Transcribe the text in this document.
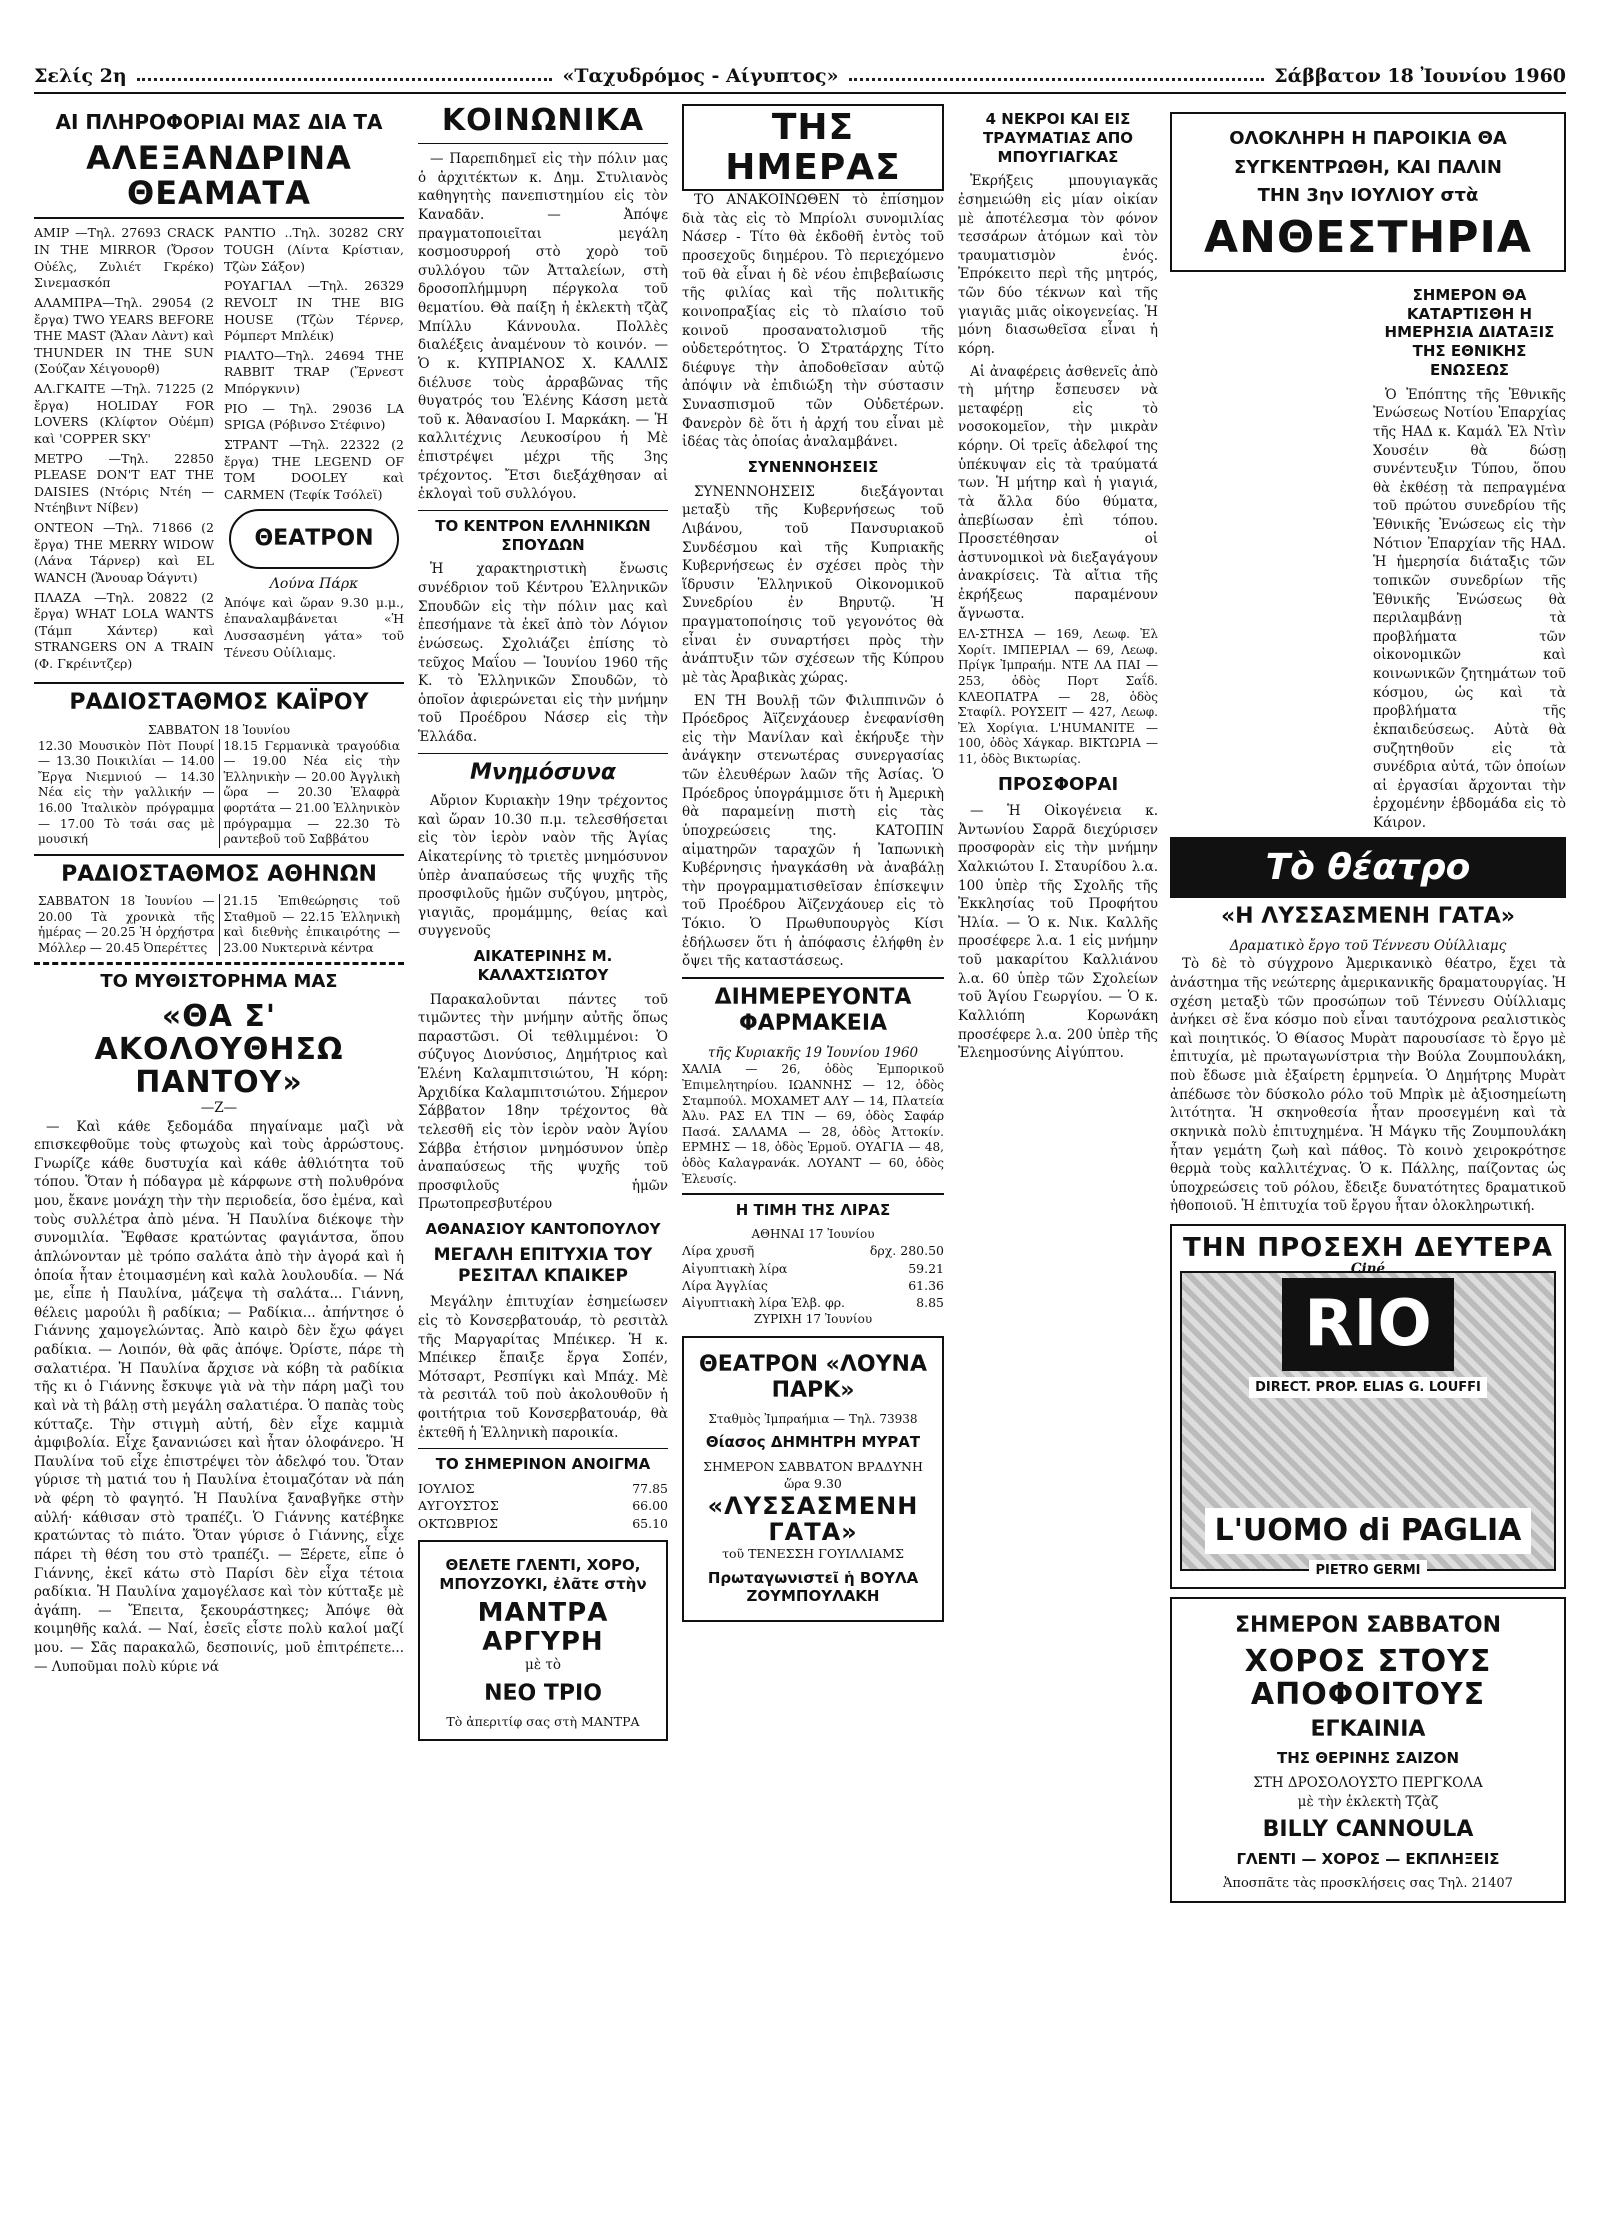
Σελίς 2η	«Ταχυδρόμος - Αίγυπτος»	Σάββατον 18 Ἰουνίου 1960
ΑΙ ΠΛΗΡΟΦΟΡΙΑΙ ΜΑΣ ΔΙΑ ΤΑ
ΑΛΕΞΑΝΔΡΙΝΑ ΘΕΑΜΑΤΑ
ΑΜΙΡ —Τηλ. 27693 CRACK IN THE MIRROR (Ὄρσον Οὐέλς, Ζυλιέτ Γκρέκο) Σινεμασκόπ
ΑΛΑΜΠΡΑ—Τηλ. 29054 (2 ἔργα) TWO YEARS BEFORE THE MAST (Ἄλαν Λὰντ) καὶ THUNDER IN THE SUN (Σούζαν Χέιγουορθ)
ΑΛ.ΓΚΑΙΤΕ —Τηλ. 71225 (2 ἔργα) HOLIDAY FOR LOVERS (Κλίφτον Οὐέμπ) καὶ 'COPPER SKY'
ΜΕΤΡΟ —Τηλ. 22850 PLEASE DON'T EAT THE DAISIES (Ντόρις Ντέη — Ντέηβιντ Νίβεν)
ΟΝΤΕΟΝ —Τηλ. 71866 (2 ἔργα) THE MERRY WIDOW (Λάνα Τάρνερ) καὶ EL WANCH (Ἄνουαρ Ὀάγντι)
ΠΛΑΖΑ —Τηλ. 20822 (2 ἔργα) WHAT LOLA WANTS (Τάμπ Χάντερ) καὶ STRANGERS ON A TRAIN (Φ. Γκρέιντζερ)
ΡΑΝΤΙΟ ..Τηλ. 30282 CRY TOUGH (Λίντα Κρίστιαν, Τζὼν Σάξον)
ΡΟΥΑΓΙΑΛ —Τηλ. 26329 REVOLT IN THE BIG HOUSE (Τζὼν Τέρνερ, Ρόμπερτ Μπλέικ)
ΡΙΑΛΤΟ—Τηλ. 24694 THE RABBIT TRAP (Ἔρνεστ Μπόργκνιν)
ΡΙΟ — Τηλ. 29036 LA SPIGA (Ρόβινσο Στέφινο)
ΣΤΡΑΝΤ —Τηλ. 22322 (2 ἔργα) THE LEGEND OF TOM DOOLEY καὶ CARMEN (Τεφίκ Τσόλεϊ)
ΘΕΑΤΡΟΝ
Λούνα Πάρκ
Ἀπόψε καὶ ὥραν 9.30 μ.μ., ἐπαναλαμβάνεται «Ἡ Λυσσασμένη γάτα» τοῦ Τένεσυ Οὐίλιαμς.
ΡΑΔΙΟΣΤΑΘΜΟΣ ΚΑΪΡΟΥ
ΣΑΒΒΑΤΟΝ 18 Ἰουνίου
12.30 Μουσικὸν Πὸτ Πουρί — 13.30 Ποικιλίαι — 14.00 Ἔργα Νιεμνιού — 14.30 Νέα εἰς τὴν γαλλικήν — 16.00 Ἰταλικὸν πρόγραμμα — 17.00 Τὸ τσάι σας μὲ μουσική
18.15 Γερμανικὰ τραγούδια — 19.00 Νέα εἰς τὴν Ἑλληνικὴν — 20.00 Ἀγγλικὴ ὥρα — 20.30 Ἑλαφρὰ φορτάτα — 21.00 Ἑλληνικὸν πρόγραμμα — 22.30 Τὸ ραντεβοῦ τοῦ Σαββάτου
ΡΑΔΙΟΣΤΑΘΜΟΣ ΑΘΗΝΩΝ
ΣΑΒΒΑΤΟΝ 18 Ἰουνίου — 20.00 Τὰ χρονικὰ τῆς ἡμέρας — 20.25 Ἡ ὀρχήστρα Μόλλερ — 20.45 Ὀπερέττες
21.15 Ἐπιθεώρησις τοῦ Σταθμοῦ — 22.15 Ἑλληνικὴ καὶ διεθνὴς ἐπικαιρότης — 23.00 Νυκτερινὰ κέντρα
ΤΟ ΜΥΘΙΣΤΟΡΗΜΑ ΜΑΣ
«ΘΑ Σ' ΑΚΟΛΟΥΘΗΣΩ ΠΑΝΤΟΥ»
—Ζ—

— Καὶ κάθε ξεδομάδα πηγαίναμε μαζὶ νὰ επισκεφθοῦμε τοὺς φτωχοὺς καὶ τοὺς ἀρρώστους. Γνωρίζε κάθε δυστυχία καὶ κάθε ἀθλιότητα τοῦ τόπου. Ὅταν ἡ πόδαγρα μὲ κάρφωνε στὴ πολυθρόνα μου, ἔκανε μονάχη τὴν τὴν περιοδεία, ὅσο ἐμένα, καὶ τοὺς συλλέτρα ἀπὸ μένα. Ἡ Παυλίνα διέκοψε τὴν συνομιλία. Ἔφθασε κρατώντας φαγιάντσα, ὅπου ἁπλώνονταν μὲ τρόπο σαλάτα ἀπὸ τὴν ἀγορά καὶ ἡ ὁποία ἦταν ἐτοιμασμένη καὶ καλὰ λουλουδία. — Νά με, εἶπε ἡ Παυλίνα, μάζεψα τὴ σαλάτα... Γιάννη, θέλεις μαρούλι ἢ ραδίκια; — Ραδίκια... ἀπήντησε ὁ Γιάννης χαμογελώντας. Ἀπὸ καιρὸ δὲν ἔχω φάγει ραδίκια. — Λοιπόν, θὰ φᾶς ἀπόψε. Ὀρίστε, πάρε τὴ σαλατιέρα. Ἡ Παυλίνα ἄρχισε νὰ κόβη τὰ ραδίκια τῆς κι ὁ Γιάννης ἔσκυψε γιὰ νὰ τὴν πάρη μαζὶ του καὶ νὰ τὴ βάλῃ στὴ μεγάλη σαλατιέρα. Ὁ παπὰς τοὺς κύτταζε. Τὴν στιγμὴ αὐτή, δὲν εἶχε καμμιὰ ἀμφιβολία. Εἶχε ξανανιώσει καὶ ἦταν ὁλοφάνερο. Ἡ Παυλίνα τοῦ εἶχε ἐπιστρέψει τὸν ἀδελφό του. Ὅταν γύρισε τὴ ματιά του ἡ Παυλίνα ἐτοιμαζόταν νὰ πάη νὰ φέρη τὸ φαγητό. Ἡ Παυλίνα ξαναβγῆκε στὴν αὐλή· κάθισαν στὸ τραπέζι. Ὁ Γιάννης κατέβηκε κρατώντας τὸ πιάτο. Ὅταν γύρισε ὁ Γιάννης, εἶχε πάρει τὴ θέση του στὸ τραπέζι. — Ξέρετε, εἶπε ὁ Γιάννης, ἐκεῖ κάτω στὸ Παρίσι δὲν εἶχα τέτοια ραδίκια. Ἡ Παυλίνα χαμογέλασε καὶ τὸν κύτταξε μὲ ἀγάπη. — Ἔπειτα, ξεκουράστηκες; Ἀπόψε θὰ κοιμηθῆς καλά. — Ναί, ἐσεῖς εἶστε πολὺ καλοί μαζί μου. — Σᾶς παρακαλῶ, δεσποινίς, μοῦ ἐπιτρέπετε... — Λυποῦμαι πολὺ κύριε νά

ΚΟΙΝΩΝΙΚΑ

— Παρεπιδημεῖ εἰς τὴν πόλιν μας ὁ ἀρχιτέκτων κ. Δημ. Στυλιανὸς καθηγητὴς πανεπιστημίου εἰς τὸν Καναδᾶν. — Ἀπόψε πραγματοποιεῖται μεγάλη κοσμοσυρροή στὸ χορὸ τοῦ συλλόγου τῶν Ἀτταλείων, στὴ δροσοπλήμμυρη πέργκολα τοῦ θεματίου. Θὰ παίξη ἡ ἐκλεκτὴ τζὰζ Μπίλλυ Κάννουλα. Πολλὲς διαλέξεις ἀναμένουν τὸ κοινόν. — Ὁ κ. ΚΥΠΡΙΑΝΟΣ Χ. ΚΑΛΛΙΣ διέλυσε τοὺς ἀρραβῶνας τῆς θυγατρός του Ἑλένης Κάσση μετὰ τοῦ κ. Ἀθανασίου Ι. Μαρκάκη. — Ἡ καλλιτέχνις Λευκοσίρου ἡ Μὲ ἐπιστρέψει μέχρι τῆς 3ης τρέχοντος. Ἔτσι διεξάχθησαν αἱ ἐκλογαὶ τοῦ συλλόγου.

ΤΟ ΚΕΝΤΡΟΝ ΕΛΛΗΝΙΚΩΝ ΣΠΟΥΔΩΝ

Ἡ χαρακτηριστικὴ ἔνωσις συνέδριον τοῦ Κέντρου Ἑλληνικῶν Σπουδῶν εἰς τὴν πόλιν μας καὶ ἐπεσήμανε τὰ ἐκεῖ ἀπὸ τὸν Λόγιον ἐνώσεως. Σχολιάζει ἐπίσης τὸ τεῦχος Μαΐου — Ἰουνίου 1960 τῆς Κ. τὸ Ἑλληνικῶν Σπουδῶν, τὸ ὁποῖον ἀφιερώνεται εἰς τὴν μνήμην τοῦ Προέδρου Νάσερ εἰς τὴν Ἑλλάδα.

Μνημόσυνα

Αὔριον Κυριακὴν 19ην τρέχοντος καὶ ὥραν 10.30 π.μ. τελεσθήσεται εἰς τὸν ἱερὸν ναὸν τῆς Ἁγίας Αἰκατερίνης τὸ τριετὲς μνημόσυνον ὑπὲρ ἀναπαύσεως τῆς ψυχῆς τῆς προσφιλοῦς ἡμῶν συζύγου, μητρὸς, γιαγιᾶς, προμάμμης, θείας καὶ συγγενοῦς

ΑΙΚΑΤΕΡΙΝΗΣ Μ. ΚΑΛΑΧΤΣΙΩΤΟΥ

Παρακαλοῦνται πάντες τοῦ τιμῶντες τὴν μνήμην αὐτῆς ὅπως παραστῶσι. Οἱ τεθλιμμένοι: Ὁ σύζυγος Διονύσιος, Δημήτριος καὶ Ἑλένη Καλαμπιτσιώτου, Ἡ κόρη: Ἀρχιδίκα Καλαμπιτσιώτου. Σήμερον Σάββατον 18ην τρέχοντος θὰ τελεσθῆ εἰς τὸν ἱερὸν ναὸν Ἁγίου Σάββα ἐτήσιον μνημόσυνον ὑπὲρ ἀναπαύσεως τῆς ψυχῆς τοῦ προσφιλοῦς ἡμῶν Πρωτοπρεσβυτέρου

ΑΘΑΝΑΣΙΟΥ ΚΑΝΤΟΠΟΥΛΟΥ
ΜΕΓΑΛΗ ΕΠΙΤΥΧΙΑ ΤΟΥ ΡΕΣΙΤΑΛ ΚΠΑΙΚΕΡ

Μεγάλην ἐπιτυχίαν ἐσημείωσεν εἰς τὸ Κονσερβατουάρ, τὸ ρεσιτὰλ τῆς Μαργαρίτας Μπέικερ. Ἡ κ. Μπέικερ ἔπαιξε ἔργα Σοπέν, Μότσαρτ, Ρεσπίγκι καὶ Μπάχ. Μὲ τὰ ρεσιτάλ τοῦ ποὺ ἀκολουθοῦν ἡ φοιτήτρια τοῦ Κονσερβατουάρ, θὰ ἐκτεθῆ ἡ Ἑλληνικὴ παροικία.

ΤΟ ΣΗΜΕΡΙΝΟΝ ΑΝΟΙΓΜΑ
ΙΟΥΛΙΟΣ	77.85
ΑΥΓΟΥΣΤΟΣ	66.00
ΟΚΤΩΒΡΙΟΣ	65.10
ΘΕΛΕΤΕ ΓΛΕΝΤΙ, ΧΟΡΟ, ΜΠΟΥΖΟΥΚΙ, ἐλᾶτε στὴν
ΜΑΝΤΡΑ ΑΡΓΥΡΗ
μὲ τὸ
ΝΕΟ ΤΡΙΟ
Τὸ ἀπεριτίφ σας στὴ ΜΑΝΤΡΑ
ΤΗΣ ΗΜΕΡΑΣ

ΤΟ ΑΝΑΚΟΙΝΩΘΕΝ τὸ ἐπίσημον διὰ τὰς εἰς τὸ Μπρίολι συνομιλίας Νάσερ - Τίτο θὰ ἐκδοθῆ ἐντὸς τοῦ προσεχοῦς διημέρου. Τὸ περιεχόμενο τοῦ θὰ εἶναι ἡ δὲ νέου ἐπιβεβαίωσις τῆς φιλίας καὶ τῆς πολιτικῆς κοινοπραξίας εἰς τὸ πλαίσιο τοῦ κοινοῦ προσανατολισμοῦ τῆς οὐδετερότητος. Ὁ Στρατάρχης Τίτο διέφυγε τὴν ἀποδοθεῖσαν αὐτῷ ἀπόψιν νὰ ἐπιδιώξη τὴν σύστασιν Συνασπισμοῦ τῶν Οὐδετέρων. Φανερὸν δὲ ὅτι ἡ ἀρχή του εἶναι μὲ ἰδέας τὰς ὁποίας ἀναλαμβάνει.

ΣΥΝΕΝΝΟΗΣΕΙΣ

ΣΥΝΕΝΝΟΗΣΕΙΣ διεξάγονται μεταξὺ τῆς Κυβερνήσεως τοῦ Λιβάνου, τοῦ Πανσυριακοῦ Συνδέσμου καὶ τῆς Κυπριακῆς Κυβερνήσεως ἐν σχέσει πρὸς τὴν ἵδρυσιν Ἑλληνικοῦ Οἰκονομικοῦ Συνεδρίου ἐν Βηρυτῷ. Ἡ πραγματοποίησις τοῦ γεγονότος θὰ εἶναι ἐν συναρτήσει πρὸς τὴν ἀνάπτυξιν τῶν σχέσεων τῆς Κύπρου μὲ τὰς Ἀραβικὰς χώρας.

ΕΝ ΤΗ Βουλῇ τῶν Φιλιππινῶν ὁ Πρόεδρος Ἀϊζενχάουερ ἐνεφανίσθη εἰς τὴν Μανίλαν καὶ ἐκήρυξε τὴν ἀνάγκην στενωτέρας συνεργασίας τῶν ἐλευθέρων λαῶν τῆς Ἀσίας. Ὁ Πρόεδρος ὑπογράμμισε ὅτι ἡ Ἀμερικὴ θὰ παραμείνῃ πιστὴ εἰς τὰς ὑποχρεώσεις της. ΚΑΤΟΠΙΝ αἱματηρῶν ταραχῶν ἡ Ἰαπωνικὴ Κυβέρνησις ἠναγκάσθη νὰ ἀναβάλῃ τὴν προγραμματισθεῖσαν ἐπίσκεψιν τοῦ Προέδρου Ἀϊζενχάουερ εἰς τὸ Τόκιο. Ὁ Πρωθυπουργὸς Κίσι ἐδήλωσεν ὅτι ἡ ἀπόφασις ἐλήφθη ἐν ὄψει τῆς καταστάσεως.

ΔΙΗΜΕΡΕΥΟΝΤΑ ΦΑΡΜΑΚΕΙΑ
τῆς Κυριακῆς 19 Ἰουνίου 1960
ΧΑΛΙΑ — 26, ὁδὸς Ἐμπορικοῦ Ἐπιμελητηρίου. ΙΩΑΝΝΗΣ — 12, ὁδὸς Σταμπούλ. ΜΟΧΑΜΕΤ ΑΛΥ — 14, Πλατεία Ἀλυ. ΡΑΣ ΕΛ ΤΙΝ — 69, ὁδὸς Σαφάρ Πασά. ΣΑΛΑΜΑ — 28, ὁδὸς Ἀττοκίν. ΕΡΜΗΣ — 18, ὁδὸς Ἐρμοῦ. ΟΥΑΓΙΑ — 48, ὁδὸς Καλαγρανάκ. ΛΟΥΑΝΤ — 60, ὁδὸς Ἐλευσίς.
Η ΤΙΜΗ ΤΗΣ ΛΙΡΑΣ
ΑΘΗΝΑΙ 17 Ἰουνίου
Λίρα χρυσῆ	δρχ. 280.50
Αἰγυπτιακὴ λίρα	59.21
Λίρα Ἀγγλίας	61.36
Αἰγυπτιακὴ λίρα Ἑλβ. φρ.	8.85
ΖΥΡΙΧΗ 17 Ἰουνίου
ΘΕΑΤΡΟΝ «ΛΟΥΝΑ ΠΑΡΚ»
Σταθμὸς Ἰμπραήμια — Τηλ. 73938
Θίασος ΔΗΜΗΤΡΗ ΜΥΡΑΤ
ΣΗΜΕΡΟΝ ΣΑΒΒΑΤΟΝ ΒΡΑΔΥΝΗ ὥρα 9.30
«ΛΥΣΣΑΣΜΕΝΗ ΓΑΤΑ»
τοῦ ΤΕΝΕΣΣΗ ΓΟΥΙΛΛΙΑΜΣ
Πρωταγωνιστεῖ ἡ ΒΟΥΛΑ ΖΟΥΜΠΟΥΛΑΚΗ
4 ΝΕΚΡΟΙ ΚΑΙ ΕΙΣ ΤΡΑΥΜΑΤΙΑΣ ΑΠΟ ΜΠΟΥΓΙΑΓΚΑΣ

Ἐκρήξεις μπουγιαγκᾶς ἐσημειώθη εἰς μίαν οἰκίαν μὲ ἀποτέλεσμα τὸν φόνον τεσσάρων ἀτόμων καὶ τὸν τραυματισμὸν ἑνός. Ἐπρόκειτο περὶ τῆς μητρός, τῶν δύο τέκνων καὶ τῆς γιαγιᾶς μιᾶς οἰκογενείας. Ἡ μόνη διασωθεῖσα εἶναι ἡ κόρη.

Αἱ ἀναφέρεις ἀσθενεῖς ἀπὸ τὴ μήτηρ ἔσπευσεν νὰ μεταφέρῃ εἰς τὸ νοσοκομεῖον, τὴν μικρὰν κόρην. Οἱ τρεῖς ἀδελφοί της ὑπέκυψαν εἰς τὰ τραύματά των. Ἡ μήτηρ καὶ ἡ γιαγιά, τὰ ἄλλα δύο θύματα, ἀπεβίωσαν ἐπὶ τόπου. Προσετέθησαν οἱ ἀστυνομικοὶ νὰ διεξαγάγουν ἀνακρίσεις. Τὰ αἴτια τῆς ἐκρήξεως παραμένουν ἄγνωστα.

ΕΛ-ΣΤΗΣΑ — 169, Λεωφ. Ἐλ Χορίτ. ΙΜΠΕΡΙΑΛ — 69, Λεωφ. Πρίγκ Ἰμπραήμ. ΝΤΕ ΛΑ ΠΑΙ — 253, ὁδὸς Πορτ Σαΐδ. ΚΛΕΟΠΑΤΡΑ — 28, ὁδὸς Σταφίλ. ΡΟΥΣΕΙΤ — 427, Λεωφ. Ἐλ Χορίγια. L'HUMANITE — 100, ὁδὸς Χάγκαρ. ΒΙΚΤΩΡΙΑ — 11, ὁδὸς Βικτωρίας.
ΠΡΟΣΦΟΡΑΙ

— Ἡ Οἰκογένεια κ. Ἀντωνίου Σαρρᾶ διεχύρισεν προσφορὰν εἰς τὴν μνήμην Χαλκιώτου Ι. Σταυρίδου λ.α. 100 ὑπὲρ τῆς Σχολῆς τῆς Ἐκκλησίας τοῦ Προφήτου Ἠλία. — Ὁ κ. Νικ. Καλλῆς προσέφερε λ.α. 1 εἰς μνήμην τοῦ μακαρίτου Καλλιάνου λ.α. 60 ὑπὲρ τῶν Σχολείων τοῦ Ἁγίου Γεωργίου. — Ὁ κ. Καλλιόπη Κορωνάκη προσέφερε λ.α. 200 ὑπὲρ τῆς Ἐλεημοσύνης Αἰγύπτου.

ΟΛΟΚΛΗΡΗ Η ΠΑΡΟΙΚΙΑ ΘΑ
ΣΥΓΚΕΝΤΡΩΘΗ, ΚΑΙ ΠΑΛΙΝ
ΤΗΝ 3ην ΙΟΥΛΙΟΥ στὰ
ΑΝΘΕΣΤΗΡΙΑ
ΣΗΜΕΡΟΝ ΘΑ ΚΑΤΑΡΤΙΣΘΗ Η ΗΜΕΡΗΣΙΑ ΔΙΑΤΑΞΙΣ ΤΗΣ ΕΘΝΙΚΗΣ ΕΝΩΣΕΩΣ

Ὁ Ἐπόπτης τῆς Ἐθνικῆς Ἐνώσεως Νοτίου Ἐπαρχίας τῆς ΗΑΔ κ. Καμάλ Ἐλ Ντὶν Χουσέιν θὰ δώσῃ συνέντευξιν Τύπου, ὅπου θὰ ἐκθέσῃ τὰ πεπραγμένα τοῦ πρώτου συνεδρίου τῆς Ἐθνικῆς Ἐνώσεως εἰς τὴν Νότιον Ἐπαρχίαν τῆς ΗΑΔ. Ἡ ἡμερησία διάταξις τῶν τοπικῶν συνεδρίων τῆς Ἐθνικῆς Ἐνώσεως θὰ περιλαμβάνῃ τὰ προβλήματα τῶν οἰκονομικῶν καὶ κοινωνικῶν ζητημάτων τοῦ κόσμου, ὡς καὶ τὰ προβλήματα τῆς ἐκπαιδεύσεως. Αὐτὰ θὰ συζητηθοῦν εἰς τὰ συνέδρια αὐτά, τῶν ὁποίων αἱ ἐργασίαι ἄρχονται τὴν ἐρχομένην ἑβδομάδα εἰς τὸ Κάιρον.

Τὸ θέατρο
«Η ΛΥΣΣΑΣΜΕΝΗ ΓΑΤΑ»
Δραματικὸ ἔργο τοῦ Τέννεσυ Οὐίλλιαμς

Τὸ δὲ τὸ σύγχρονο Ἀμερικανικὸ θέατρο, ἔχει τὰ ἀνάστημα τῆς νεώτερης ἀμερικανικῆς δραματουργίας. Ἡ σχέση μεταξὺ τῶν προσώπων τοῦ Τέννεσυ Οὐίλλιαμς ἀνήκει σὲ ἕνα κόσμο ποὺ εἶναι ταυτόχρονα ρεαλιστικὸς καὶ ποιητικός. Ὁ Θίασος Μυρὰτ παρουσίασε τὸ ἔργο μὲ ἐπιτυχία, μὲ πρωταγωνίστρια τὴν Βούλα Ζουμπουλάκη, ποὺ ἔδωσε μιὰ ἐξαίρετη ἑρμηνεία. Ὁ Δημήτρης Μυρὰτ ἀπέδωσε τὸν δύσκολο ρόλο τοῦ Μπρὶκ μὲ ἀξιοσημείωτη λιτότητα. Ἡ σκηνοθεσία ἦταν προσεγμένη καὶ τὰ σκηνικὰ πολὺ ἐπιτυχημένα. Ἡ Μάγκυ τῆς Ζουμπουλάκη ἦταν γεμάτη ζωὴ καὶ πάθος. Τὸ κοινὸ χειροκρότησε θερμὰ τοὺς καλλιτέχνας. Ὁ κ. Πάλλης, παίζοντας ὡς ὑποχρεώσεις τοῦ ρόλου, ἔδειξε δυνατότητες δραματικοῦ ἠθοποιοῦ. Ἡ ἐπιτυχία τοῦ ἔργου ἦταν ὁλοκληρωτική.

ΤΗΝ ΠΡΟΣΕΧΗ ΔΕΥΤΕΡΑ
Ciné
RIO
DIRECT. PROP. ELIAS G. LOUFFI
L'UOMO di PAGLIA
PIETRO GERMI
ΣΗΜΕΡΟΝ ΣΑΒΒΑΤΟΝ
ΧΟΡΟΣ ΣΤΟΥΣ ΑΠΟΦΟΙΤΟΥΣ
ΕΓΚΑΙΝΙΑ
ΤΗΣ ΘΕΡΙΝΗΣ ΣΑΙΖΟΝ
ΣΤΗ ΔΡΟΣΟΛΟΥΣΤΟ ΠΕΡΓΚΟΛΑ
μὲ τὴν ἐκλεκτὴ Τζὰζ
BILLY CANNOULA
ΓΛΕΝΤΙ — ΧΟΡΟΣ — ΕΚΠΛΗΞΕΙΣ
Ἀποσπᾶτε τὰς προσκλήσεις σας Τηλ. 21407
